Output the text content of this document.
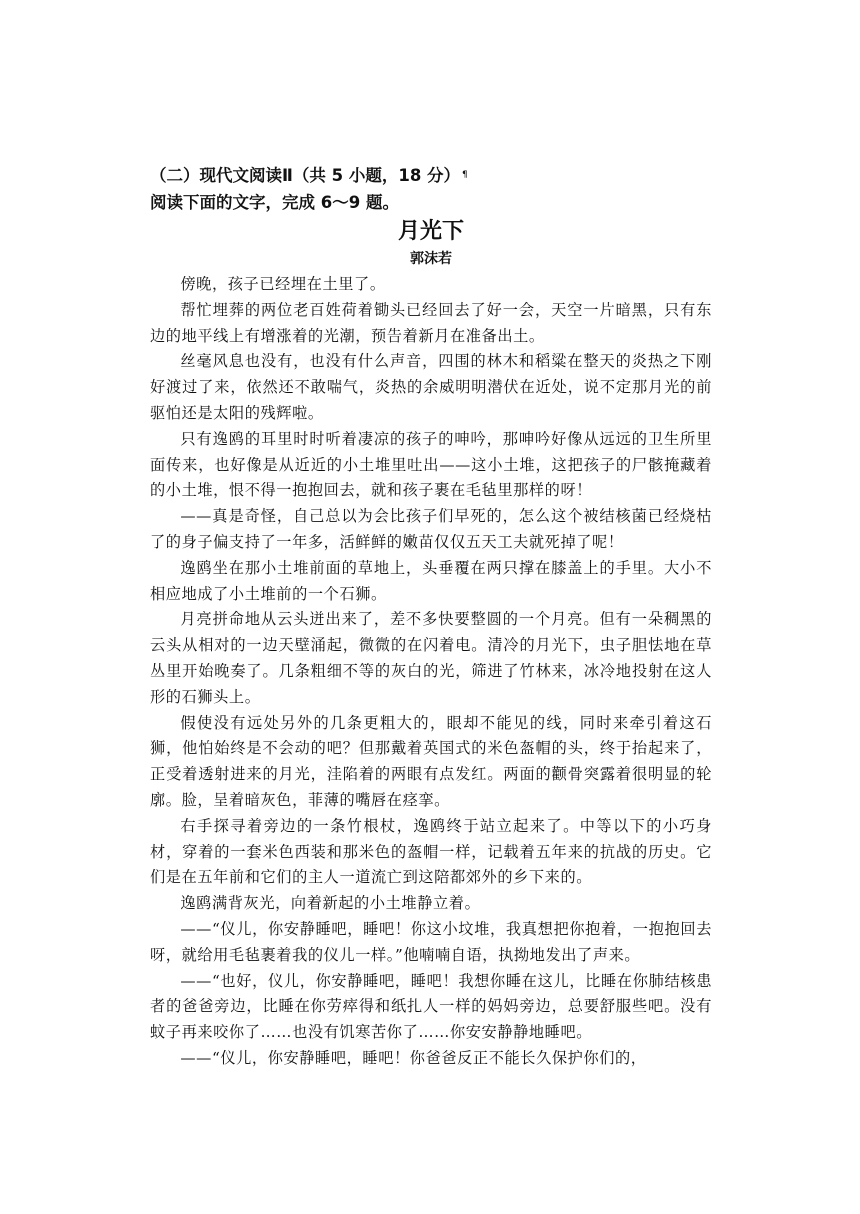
（二）现代文阅读Ⅱ（共 5 小题，18 分） ¶
阅读下面的文字，完成 6～9 题。
月光下
郭沫若

傍晚，孩子已经埋在土里了。

帮忙埋葬的两位老百姓荷着锄头已经回去了好一会，天空一片暗黑，只有东边的地平线上有增涨着的光潮，预告着新月在准备出土。

丝毫风息也没有，也没有什么声音，四围的林木和稻粱在整天的炎热之下刚好渡过了来，依然还不敢喘气，炎热的余威明明潜伏在近处，说不定那月光的前驱怕还是太阳的残辉啦。

只有逸鸥的耳里时时听着凄凉的孩子的呻吟，那呻吟好像从远远的卫生所里面传来，也好像是从近近的小土堆里吐出——这小土堆，这把孩子的尸骸掩藏着的小土堆，恨不得一抱抱回去，就和孩子裹在毛毡里那样的呀！

——真是奇怪，自己总以为会比孩子们早死的，怎么这个被结核菌已经烧枯了的身子偏支持了一年多，活鲜鲜的嫩苗仅仅五天工夫就死掉了呢！

逸鸥坐在那小土堆前面的草地上，头垂覆在两只撑在膝盖上的手里。大小不相应地成了小土堆前的一个石狮。

月亮拼命地从云头迸出来了，差不多快要整圆的一个月亮。但有一朵稠黑的云头从相对的一边天壁涌起，微微的在闪着电。清冷的月光下，虫子胆怯地在草丛里开始晚奏了。几条粗细不等的灰白的光，筛进了竹林来，冰冷地投射在这人形的石狮头上。

假使没有远处另外的几条更粗大的，眼却不能见的线，同时来牵引着这石狮，他怕始终是不会动的吧？但那戴着英国式的米色盔帽的头，终于抬起来了，正受着透射进来的月光，洼陷着的两眼有点发红。两面的颧骨突露着很明显的轮廓。脸，呈着暗灰色，菲薄的嘴唇在痉挛。

右手探寻着旁边的一条竹根杖，逸鸥终于站立起来了。中等以下的小巧身材，穿着的一套米色西装和那米色的盔帽一样，记载着五年来的抗战的历史。它们是在五年前和它们的主人一道流亡到这陪都郊外的乡下来的。

逸鸥满背灰光，向着新起的小土堆静立着。

——“仪儿，你安静睡吧，睡吧！你这小坟堆，我真想把你抱着，一抱抱回去呀，就给用毛毡裹着我的仪儿一样。”他喃喃自语，执拗地发出了声来。

——“也好，仪儿，你安静睡吧，睡吧！我想你睡在这儿，比睡在你肺结核患者的爸爸旁边，比睡在你劳瘁得和纸扎人一样的妈妈旁边，总要舒服些吧。没有蚊子再来咬你了……也没有饥寒苦你了……你安安静静地睡吧。

——“仪儿，你安静睡吧，睡吧！你爸爸反正不能长久保护你们的，
